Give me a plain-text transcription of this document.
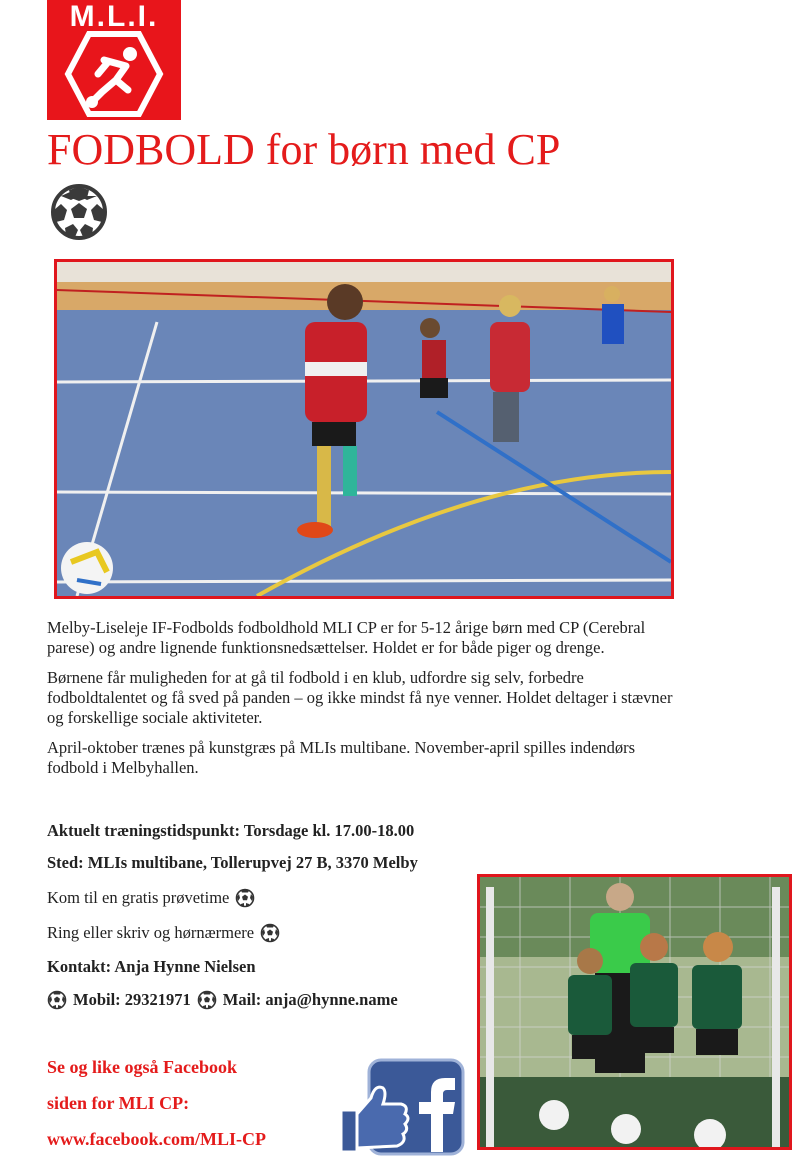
M.L.I.
FODBOLD for børn med CP

Melby-Liseleje IF-Fodbolds fodboldhold MLI CP er for 5-12 årige børn med CP (Cerebral parese) og andre lignende funktionsnedsættelser. Holdet er for både piger og drenge.

Børnene får muligheden for at gå til fodbold i en klub, udfordre sig selv, forbedre fodboldtalentet og få sved på panden – og ikke mindst få nye venner. Holdet deltager i stævner og forskellige sociale aktiviteter.

April-oktober trænes på kunstgræs på MLIs multibane. November-april spilles indendørs fodbold i Melbyhallen.

Aktuelt træningstidspunkt: Torsdage kl. 17.00-18.00
Sted: MLIs multibane, Tollerupvej 27 B, 3370 Melby
Kom til en gratis prøvetime
Ring eller skriv og hørnærmere
Kontakt: Anja Hynne Nielsen
Mobil: 29321971 Mail: anja@hynne.name
Se og like også Facebook
siden for MLI CP:
www.facebook.com/MLI-CP
